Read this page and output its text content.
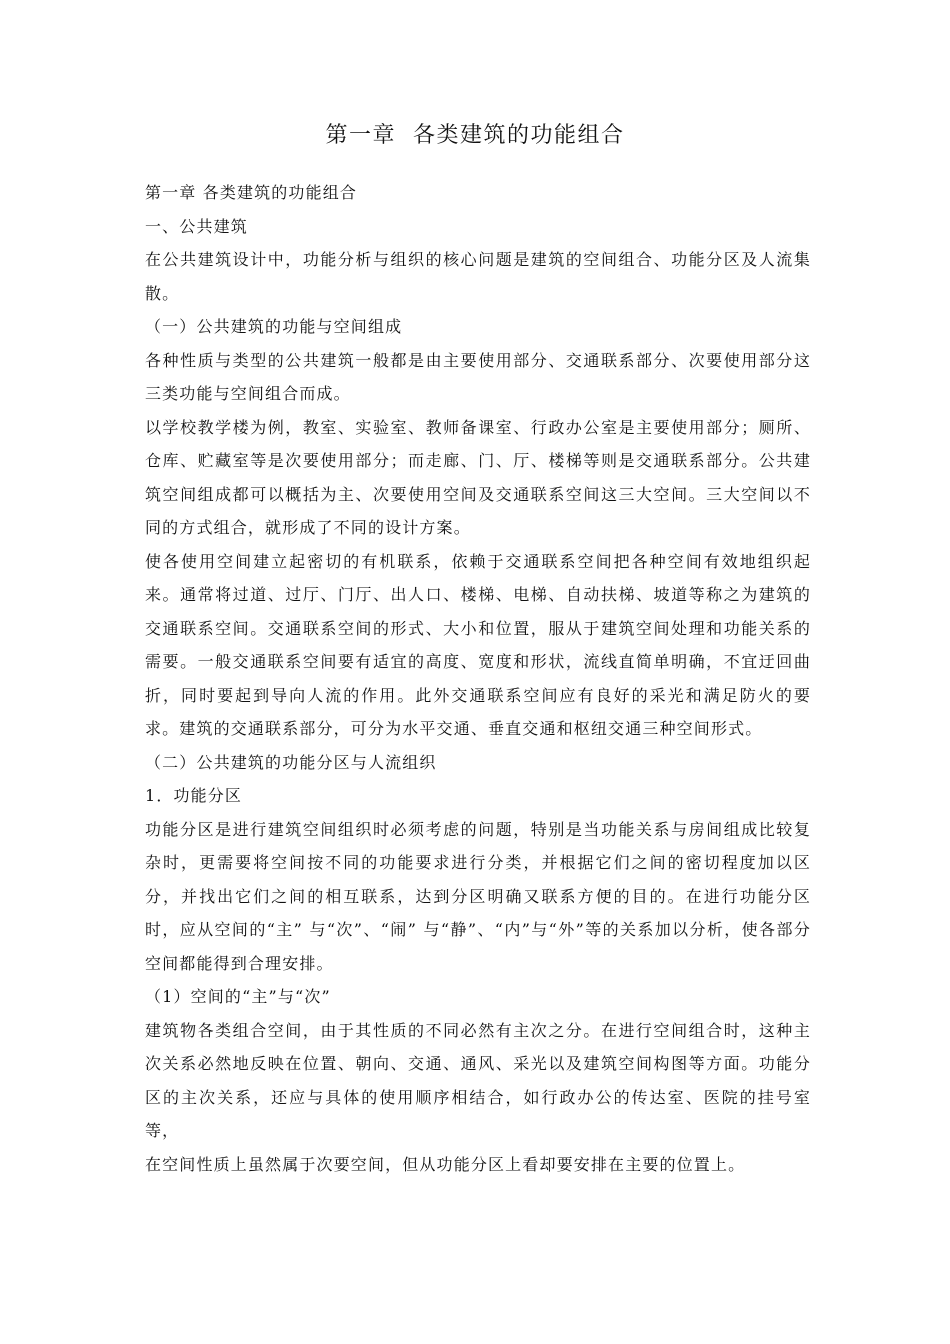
第一章  各类建筑的功能组合

第一章 各类建筑的功能组合

一、公共建筑

在公共建筑设计中，功能分析与组织的核心问题是建筑的空间组合、功能分区及人流集散。

（一）公共建筑的功能与空间组成

各种性质与类型的公共建筑一般都是由主要使用部分、交通联系部分、次要使用部分这三类功能与空间组合而成。

以学校教学楼为例，教室、实验室、教师备课室、行政办公室是主要使用部分；厕所、仓库、贮藏室等是次要使用部分；而走廊、门、厅、楼梯等则是交通联系部分。公共建筑空间组成都可以概括为主、次要使用空间及交通联系空间这三大空间。三大空间以不同的方式组合，就形成了不同的设计方案。

使各使用空间建立起密切的有机联系，依赖于交通联系空间把各种空间有效地组织起来。通常将过道、过厅、门厅、出人口、楼梯、电梯、自动扶梯、坡道等称之为建筑的交通联系空间。交通联系空间的形式、大小和位置，服从于建筑空间处理和功能关系的需要。一般交通联系空间要有适宜的高度、宽度和形状，流线直简单明确，不宜迂回曲折，同时要起到导向人流的作用。此外交通联系空间应有良好的采光和满足防火的要求。建筑的交通联系部分，可分为水平交通、垂直交通和枢纽交通三种空间形式。

（二）公共建筑的功能分区与人流组织

1．功能分区

功能分区是进行建筑空间组织时必须考虑的问题，特别是当功能关系与房间组成比较复杂时，更需要将空间按不同的功能要求进行分类，并根据它们之间的密切程度加以区分，并找出它们之间的相互联系，达到分区明确又联系方便的目的。在进行功能分区时，应从空间的“主” 与“次”、“闹” 与“静”、“内”与“外”等的关系加以分析，使各部分空间都能得到合理安排。

（1）空间的“主”与“次”

建筑物各类组合空间，由于其性质的不同必然有主次之分。在进行空间组合时，这种主次关系必然地反映在位置、朝向、交通、通风、采光以及建筑空间构图等方面。功能分区的主次关系，还应与具体的使用顺序相结合，如行政办公的传达室、医院的挂号室等，

在空间性质上虽然属于次要空间，但从功能分区上看却要安排在主要的位置上。
